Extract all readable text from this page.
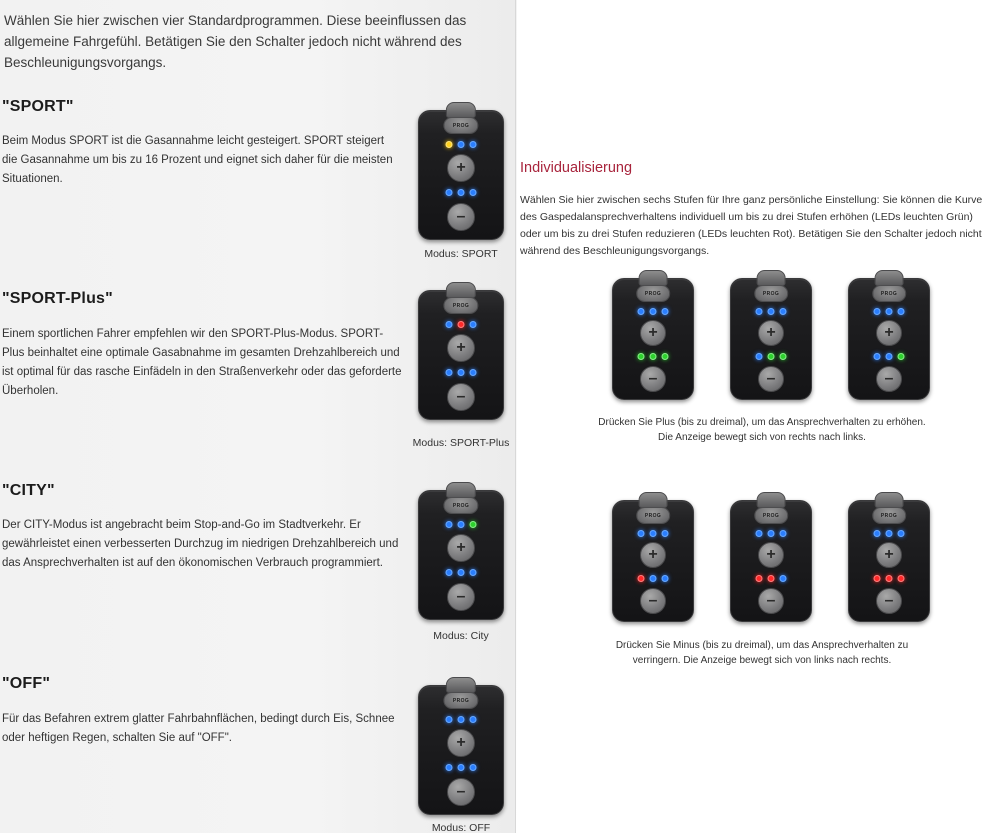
Wählen Sie hier zwischen vier Standardprogrammen. Diese beeinflussen das allgemeine Fahrgefühl. Betätigen Sie den Schalter jedoch nicht während des Beschleunigungsvorgangs.
"SPORT"
Beim Modus SPORT ist die Gasannahme leicht gesteigert. SPORT steigert die Gasannahme um bis zu 16 Prozent und eignet sich daher für die meisten Situationen.
PROG
+
–
Modus: SPORT
"SPORT-Plus"
Einem sportlichen Fahrer empfehlen wir den SPORT-Plus-Modus. SPORT-Plus beinhaltet eine optimale Gasabnahme im gesamten Drehzahlbereich und ist optimal für das rasche Einfädeln in den Straßenverkehr oder das geforderte Überholen.
PROG
+
–
Modus: SPORT-Plus
"CITY"
Der CITY-Modus ist angebracht beim Stop-and-Go im Stadtverkehr. Er gewährleistet einen verbesserten Durchzug im niedrigen Drehzahlbereich und das Ansprechverhalten ist auf den ökonomischen Verbrauch programmiert.
PROG
+
–
Modus: City
"OFF"
Für das Befahren extrem glatter Fahrbahnflächen, bedingt durch Eis, Schnee oder heftigen Regen, schalten Sie auf "OFF".
PROG
+
–
Modus: OFF
Individualisierung
Wählen Sie hier zwischen sechs Stufen für Ihre ganz persönliche Einstellung: Sie können die Kurve des Gaspedalansprechverhaltens individuell um bis zu drei Stufen erhöhen (LEDs leuchten Grün) oder um bis zu drei Stufen reduzieren (LEDs leuchten Rot). Betätigen Sie den Schalter jedoch nicht während des Beschleunigungsvorgangs.
PROG
+
–
PROG
+
–
PROG
+
–
Drücken Sie Plus (bis zu dreimal), um das Ansprechverhalten zu erhöhen. Die Anzeige bewegt sich von rechts nach links.
PROG
+
–
PROG
+
–
PROG
+
–
Drücken Sie Minus (bis zu dreimal), um das Ansprechverhalten zu verringern. Die Anzeige bewegt sich von links nach rechts.
